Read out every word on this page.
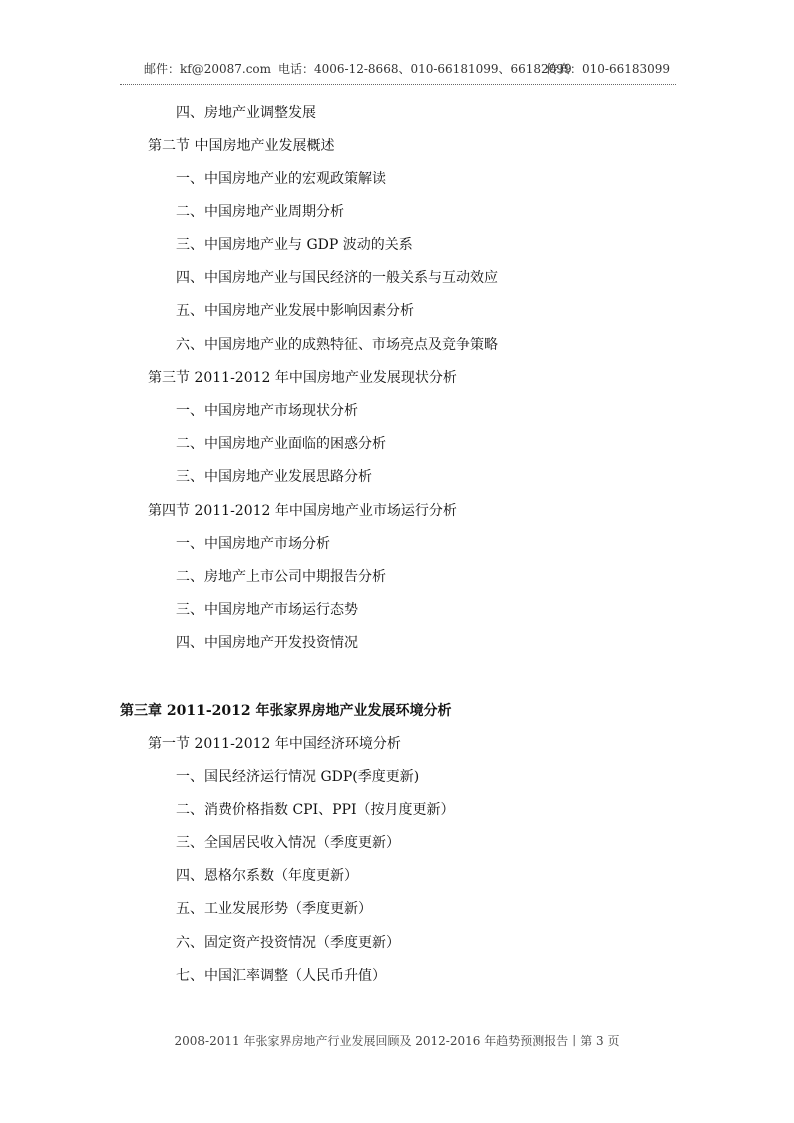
邮件：kf@20087.com 电话：4006-12-8668、010-66181099、66182099
传真：010-66183099
四、房地产业调整发展
第二节 中国房地产业发展概述
一、中国房地产业的宏观政策解读
二、中国房地产业周期分析
三、中国房地产业与 GDP 波动的关系
四、中国房地产业与国民经济的一般关系与互动效应
五、中国房地产业发展中影响因素分析
六、中国房地产业的成熟特征、市场亮点及竞争策略
第三节 2011-2012 年中国房地产业发展现状分析
一、中国房地产市场现状分析
二、中国房地产业面临的困惑分析
三、中国房地产业发展思路分析
第四节 2011-2012 年中国房地产业市场运行分析
一、中国房地产市场分析
二、房地产上市公司中期报告分析
三、中国房地产市场运行态势
四、中国房地产开发投资情况
第三章 2011-2012 年张家界房地产业发展环境分析
第一节 2011-2012 年中国经济环境分析
一、国民经济运行情况 GDP(季度更新)
二、消费价格指数 CPI、PPI（按月度更新）
三、全国居民收入情况（季度更新）
四、恩格尔系数（年度更新）
五、工业发展形势（季度更新）
六、固定资产投资情况（季度更新）
七、中国汇率调整（人民币升值）
2008-2011 年张家界房地产行业发展回顾及 2012-2016 年趋势预测报告丨第 3 页
